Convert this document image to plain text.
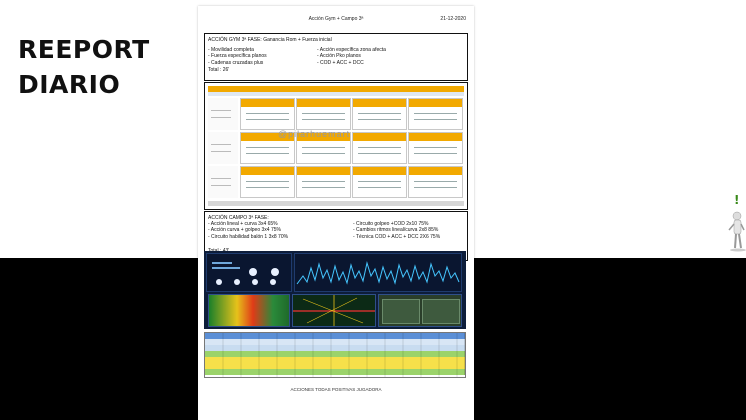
REEPORT
DIARIO
Acción Gym + Campo 3ª	21-12-2020
ACCIÓN GYM 3ª FASE: Ganancia Rom + Fuerza inicial
- Movilidad completa
- Fuerza específica planos
- Cadenas cruzadas plus
- Acción específica zona afecta
- Acción Pko planos
- COD + ACC + DCC
Total : 26'
@pilarhuemart
ACCIÓN CAMPO 3ª FASE:
- Acción lineal + curva 3x4 65%
- Acción curva + golpeo 3x4 75%
- Circuito habilidad balón 1 3x8 70%
- Circuito golpeo +COD 2x10 75%
- Cambios ritmos lineal/curva 2x8 85%
- Técnica COD + ACC + DCC 2X6 75%
ACCIONES TODAS POSITIVAS JUGADORA
!
@pilarhuemart
